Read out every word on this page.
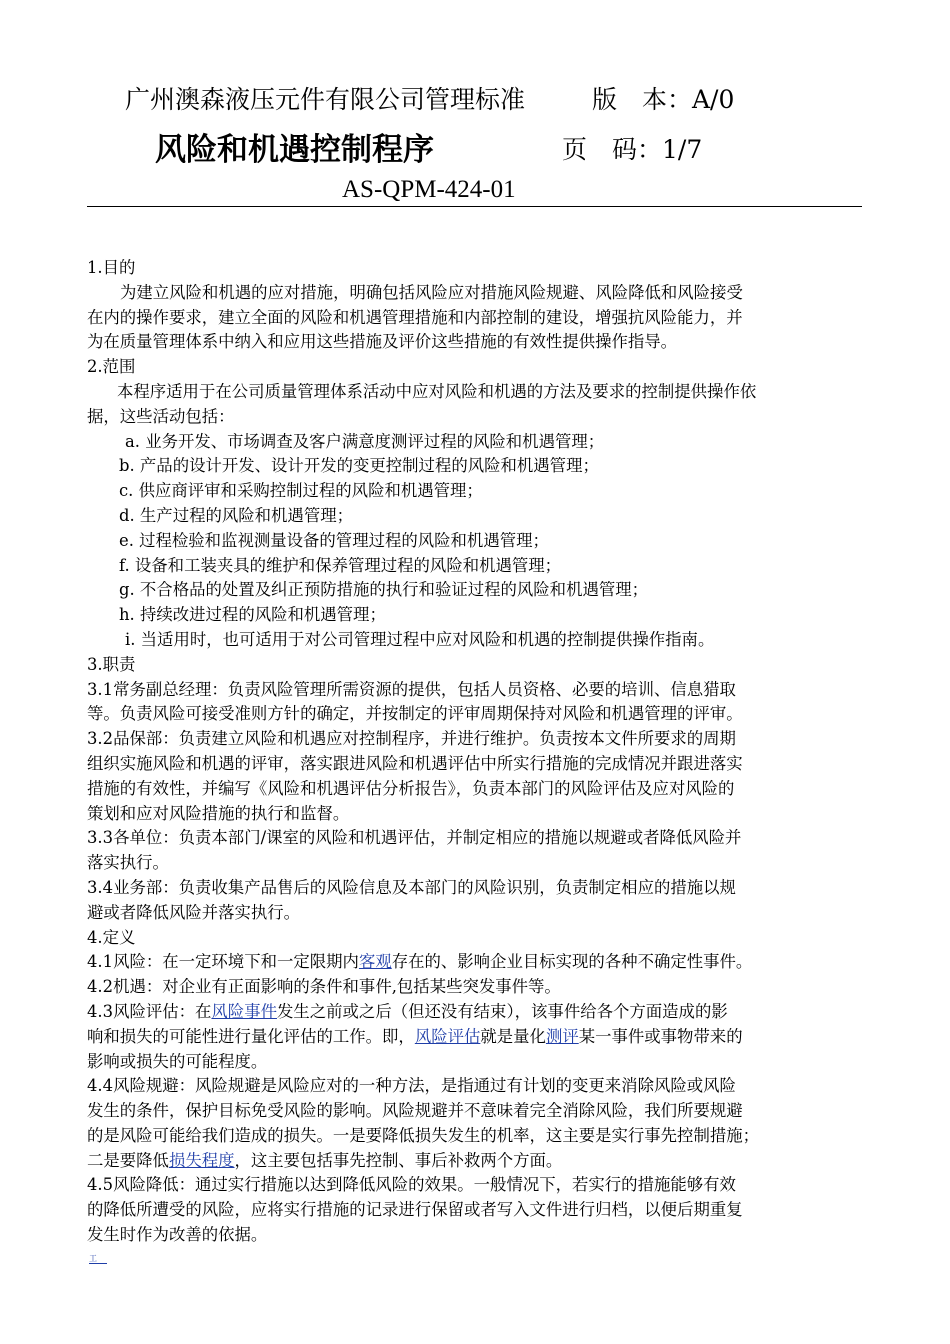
广州澳森液压元件有限公司管理标准	版　本：A/0
风险和机遇控制程序	页　码：1/7
AS-QPM-424-01
1.目的
为建立风险和机遇的应对措施，明确包括风险应对措施风险规避、风险降低和风险接受
在内的操作要求，建立全面的风险和机遇管理措施和内部控制的建设，增强抗风险能力，并
为在质量管理体系中纳入和应用这些措施及评价这些措施的有效性提供操作指导。
2.范围
本程序适用于在公司质量管理体系活动中应对风险和机遇的方法及要求的控制提供操作依
据，这些活动包括：
a. 业务开发、市场调查及客户满意度测评过程的风险和机遇管理；
b. 产品的设计开发、设计开发的变更控制过程的风险和机遇管理；
c. 供应商评审和采购控制过程的风险和机遇管理；
d. 生产过程的风险和机遇管理；
e. 过程检验和监视测量设备的管理过程的风险和机遇管理；
f. 设备和工装夹具的维护和保养管理过程的风险和机遇管理；
g. 不合格品的处置及纠正预防措施的执行和验证过程的风险和机遇管理；
h. 持续改进过程的风险和机遇管理；
i. 当适用时，也可适用于对公司管理过程中应对风险和机遇的控制提供操作指南。
3.职责
3.1常务副总经理：负责风险管理所需资源的提供，包括人员资格、必要的培训、信息猎取
等。负责风险可接受准则方针的确定，并按制定的评审周期保持对风险和机遇管理的评审。
3.2品保部：负责建立风险和机遇应对控制程序，并进行维护。负责按本文件所要求的周期
组织实施风险和机遇的评审，落实跟进风险和机遇评估中所实行措施的完成情况并跟进落实
措施的有效性，并编写《风险和机遇评估分析报告》，负责本部门的风险评估及应对风险的
策划和应对风险措施的执行和监督。
3.3各单位：负责本部门/课室的风险和机遇评估，并制定相应的措施以规避或者降低风险并
落实执行。
3.4业务部：负责收集产品售后的风险信息及本部门的风险识别，负责制定相应的措施以规
避或者降低风险并落实执行。
4.定义
4.1风险：在一定环境下和一定限期内客观存在的、影响企业目标实现的各种不确定性事件。
4.2机遇：对企业有正面影响的条件和事件,包括某些突发事件等。
4.3风险评估：在风险事件发生之前或之后（但还没有结束），该事件给各个方面造成的影
响和损失的可能性进行量化评估的工作。即，风险评估就是量化测评某一事件或事物带来的
影响或损失的可能程度。
4.4风险规避：风险规避是风险应对的一种方法，是指通过有计划的变更来消除风险或风险
发生的条件，保护目标免受风险的影响。风险规避并不意味着完全消除风险，我们所要规避
的是风险可能给我们造成的损失。一是要降低损失发生的机率，这主要是实行事先控制措施；
二是要降低损失程度，这主要包括事先控制、事后补救两个方面。
4.5风险降低：通过实行措施以达到降低风险的效果。一般情况下，若实行的措施能够有效
的降低所遭受的风险，应将实行措施的记录进行保留或者写入文件进行归档，以便后期重复
发生时作为改善的依据。
工
